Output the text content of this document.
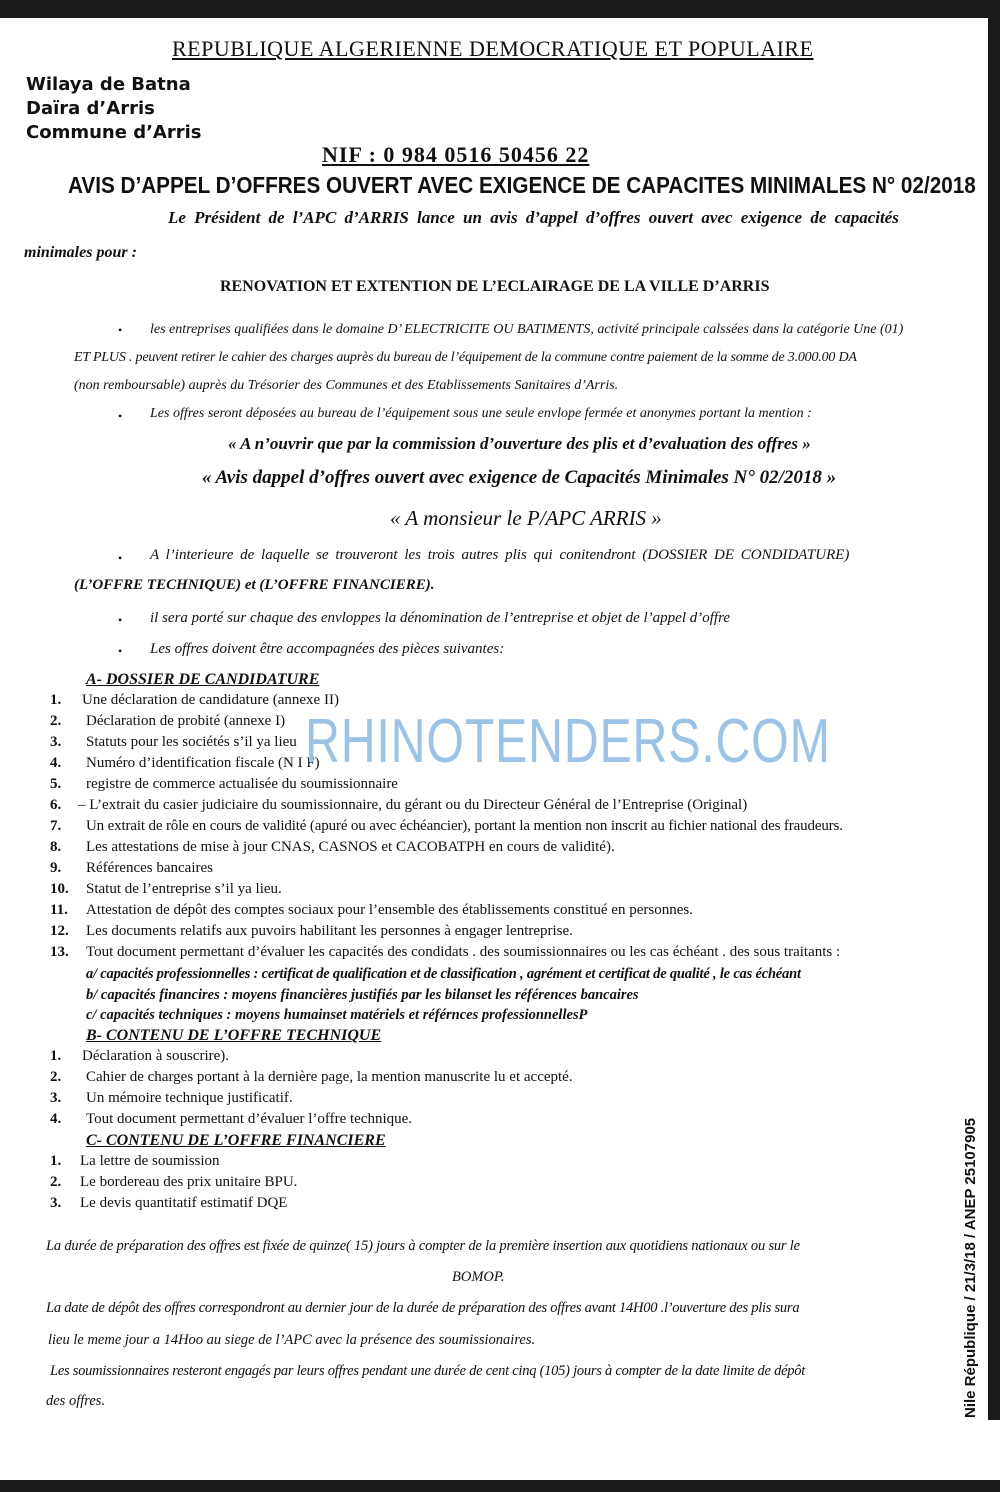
REPUBLIQUE ALGERIENNE DEMOCRATIQUE ET POPULAIRE
Wilaya de Batna
Daïra d’Arris
Commune d’Arris
NIF : 0 984 0516 50456 22
AVIS D’APPEL D’OFFRES OUVERT AVEC EXIGENCE DE CAPACITES MINIMALES N° 02/2018
Le Président de l’APC d’ARRIS lance un avis d’appel d’offres ouvert avec exigence de capacités
minimales pour :
RENOVATION ET EXTENTION DE L’ECLAIRAGE DE LA VILLE D’ARRIS
• les entreprises qualifiées dans le domaine D’ ELECTRICITE OU BATIMENTS, activité principale calssées dans la catégorie Une (01)
ET PLUS . peuvent retirer le cahier des charges auprès du bureau de l’équipement de la commune contre paiement de la somme de 3.000.00 DA
(non remboursable) auprès du Trésorier des Communes et des Etablissements Sanitaires d’Arris.
• Les offres seront déposées au bureau de l’équipement sous une seule envlope fermée et anonymes portant la mention :
« A n’ouvrir que par la commission d’ouverture des plis et d’evaluation des offres »
« Avis dappel d’offres ouvert avec exigence de Capacités Minimales N° 02/2018 »
« A monsieur le P/APC ARRIS »
• A l’interieure de laquelle se trouveront les trois autres plis qui conitendront (DOSSIER DE CONDIDATURE)
(L’OFFRE TECHNIQUE) et (L’OFFRE FINANCIERE).
• il sera porté sur chaque des envloppes la dénomination de l’entreprise et objet de l’appel d’offre
• Les offres doivent être accompagnées des pièces suivantes:
A- DOSSIER DE CANDIDATURE
1. Une déclaration de candidature (annexe II)
2. Déclaration de probité (annexe I)
3. Statuts pour les sociétés s’il ya lieu
4. Numéro d’identification fiscale (N I F)
5. registre de commerce actualisée du soumissionnaire
6. – L’extrait du casier judiciaire du soumissionnaire, du gérant ou du Directeur Général de l’Entreprise (Original)
7. Un extrait de rôle en cours de validité (apuré ou avec échéancier), portant la mention non inscrit au fichier national des fraudeurs.
8. Les attestations de mise à jour CNAS, CASNOS et CACOBATPH en cours de validité).
9. Références bancaires
10. Statut de l’entreprise s’il ya lieu.
11. Attestation de dépôt des comptes sociaux pour l’ensemble des établissements constitué en personnes.
12. Les documents relatifs aux puvoirs habilitant les personnes à engager lentreprise.
13. Tout document permettant d’évaluer les capacités des condidats . des soumissionnaires ou les cas échéant . des sous traitants :
a/ capacités professionnelles : certificat de qualification et de classification , agrément et certificat de qualité , le cas échéant
b/ capacités financires : moyens financières justifiés par les bilanset les références bancaires
c/ capacités techniques : moyens humainset matériels et référnces professionnellesP
B- CONTENU DE L’OFFRE TECHNIQUE
1. Déclaration à souscrire).
2. Cahier de charges portant à la dernière page, la mention manuscrite lu et accepté.
3. Un mémoire technique justificatif.
4. Tout document permettant d’évaluer l’offre technique.
C- CONTENU DE L’OFFRE FINANCIERE
1. La lettre de soumission
2. Le bordereau des prix unitaire BPU.
3. Le devis quantitatif estimatif DQE
La durée de préparation des offres est fixée de quinze( 15) jours à compter de la première insertion aux quotidiens nationaux ou sur le
BOMOP.
La date de dépôt des offres correspondront au dernier jour de la durée de préparation des offres avant 14H00 .l’ouverture des plis sura
lieu le meme jour a 14Hoo au siege de l’APC avec la présence des soumissionaires.
Les soumissionnaires resteront engagés par leurs offres pendant une durée de cent cinq (105) jours à compter de la date limite de dépôt
des offres.
RHINOTENDERS.COM
Nile République / 21/3/18 / ANEP 25107905
